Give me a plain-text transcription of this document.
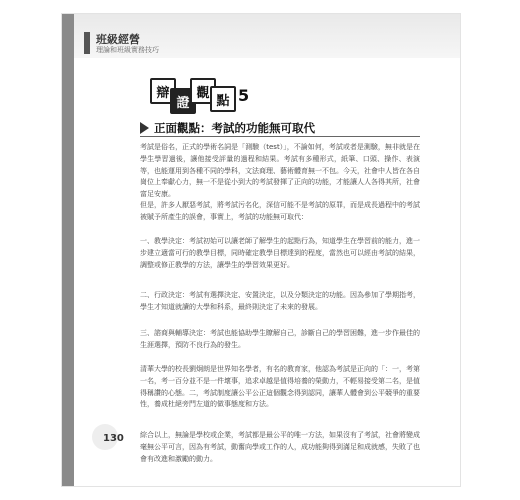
班級經營
理論和班級實務技巧
辯
證
觀
點 5
正面觀點：考試的功能無可取代

考試是俗名，正式的學術名詞是「測驗（test）」，不論如何，考試或者是測驗，無非就是在學生學習過後，讓他接受評量的過程和結果。考試有多種形式，紙筆、口頭、操作、表演等，也能運用到各種不同的學科，文法商理、藝術體育無一不包。今天，社會中人皆在各自崗位上奉獻心力，無一不是從小到大的考試發揮了正向的功能，才能讓人人各得其所，社會富足安康。

但是，許多人厭惡考試，將考試污名化，深信可能不是考試的原罪，而是成長過程中的考試被賦予所產生的誤會，事實上，考試的功能無可取代：

一、教學決定：考試初始可以讓老師了解學生的起點行為，知道學生在學習前的能力，進一步建立適當可行的教學目標，同時確定教學目標達到的程度，當然也可以經由考試的結果，調整或修正教學的方法，讓學生的學習效果更好。

二、行政決定：考試有選擇決定、安置決定，以及分類決定的功能。因為參加了學期指考，學生才知道就讀的大學和科系，最終則決定了未來的發展。

三、諮商與輔導決定：考試也能協助學生瞭解自己，診斷自己的學習困難，進一步作最佳的生涯選擇，預防不良行為的發生。

清華大學的校長劉炯朗是世界知名學者，有名的教育家，他認為考試是正向的「：一，考第一名，考一百分並不是一件壞事，追求卓越是值得培養的榮動力，不輕易接受第二名，是值得稱讚的心態。二，考試制度讓公平公正這個觀念得到認同，讓華人體會到公平競爭的重要性，養成杜絕旁門左道的做事態度和方法。

綜合以上，無論是學校或企業，考試都是最公平的唯一方法，如果沒有了考試，社會將變成毫無公平可言，因為有考試，動奮向學或工作的人，成功能夠得到滿足和成就感，失敗了也會有改進和激勵的動力。

130
